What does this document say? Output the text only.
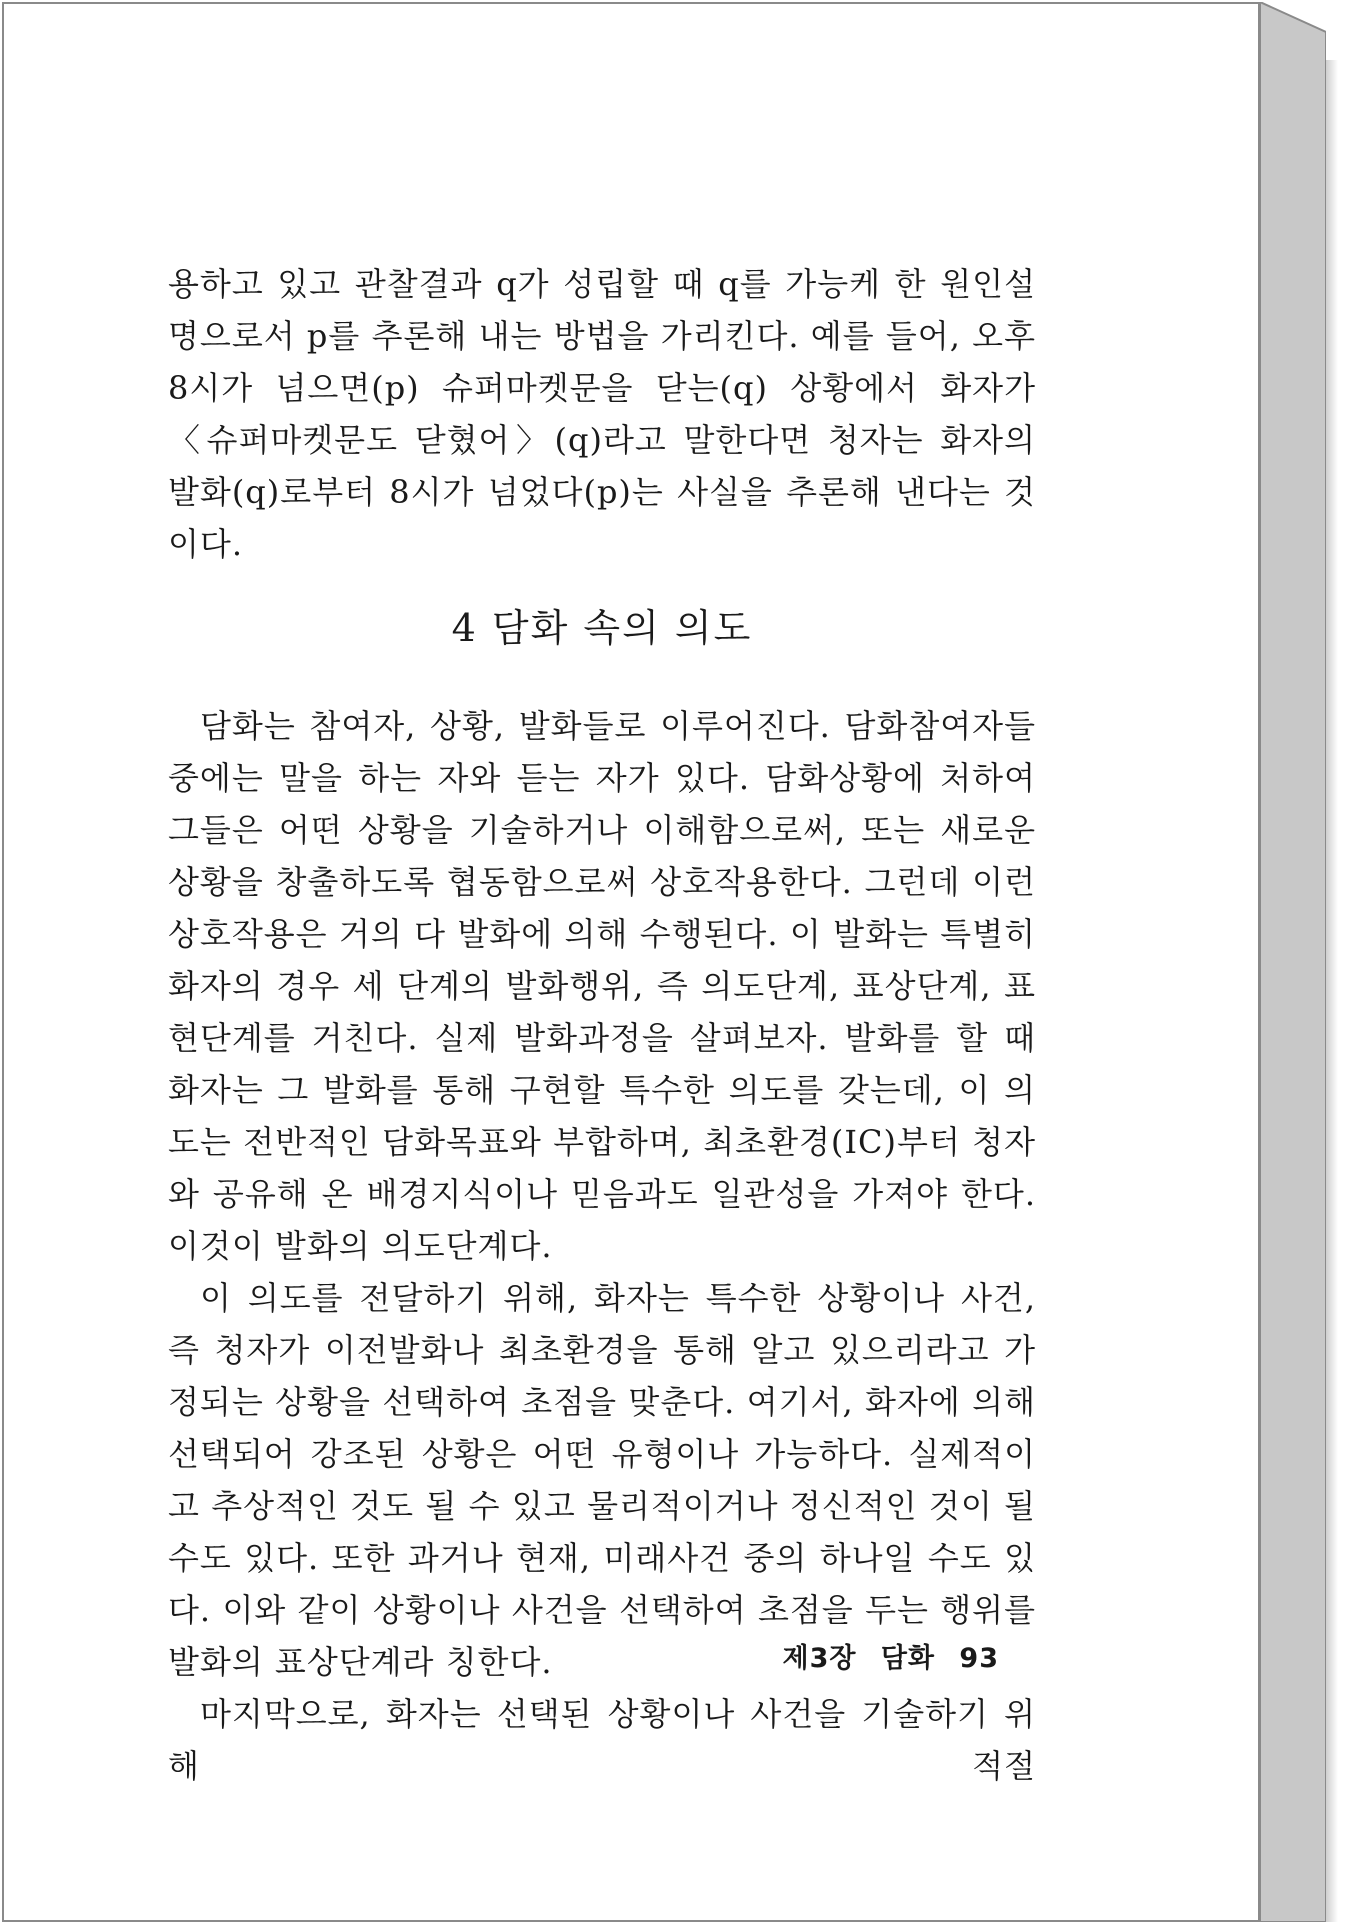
용하고 있고 관찰결과 q가 성립할 때 q를 가능케 한 원인설명으로서 p를 추론해 내는 방법을 가리킨다. 예를 들어, 오후 8시가 넘으면(p) 슈퍼마켓문을 닫는(q) 상황에서 화자가 〈슈퍼마켓문도 닫혔어〉(q)라고 말한다면 청자는 화자의 발화(q)로부터 8시가 넘었다(p)는 사실을 추론해 낸다는 것이다.

4 담화 속의 의도

담화는 참여자, 상황, 발화들로 이루어진다. 담화참여자들 중에는 말을 하는 자와 듣는 자가 있다. 담화상황에 처하여 그들은 어떤 상황을 기술하거나 이해함으로써, 또는 새로운 상황을 창출하도록 협동함으로써 상호작용한다. 그런데 이런 상호작용은 거의 다 발화에 의해 수행된다. 이 발화는 특별히 화자의 경우 세 단계의 발화행위, 즉 의도단계, 표상단계, 표현단계를 거친다. 실제 발화과정을 살펴보자. 발화를 할 때 화자는 그 발화를 통해 구현할 특수한 의도를 갖는데, 이 의도는 전반적인 담화목표와 부합하며, 최초환경(IC)부터 청자와 공유해 온 배경지식이나 믿음과도 일관성을 가져야 한다. 이것이 발화의 의도단계다.

이 의도를 전달하기 위해, 화자는 특수한 상황이나 사건, 즉 청자가 이전발화나 최초환경을 통해 알고 있으리라고 가정되는 상황을 선택하여 초점을 맞춘다. 여기서, 화자에 의해 선택되어 강조된 상황은 어떤 유형이나 가능하다. 실제적이고 추상적인 것도 될 수 있고 물리적이거나 정신적인 것이 될 수도 있다. 또한 과거나 현재, 미래사건 중의 하나일 수도 있다. 이와 같이 상황이나 사건을 선택하여 초점을 두는 행위를 발화의 표상단계라 칭한다.

마지막으로, 화자는 선택된 상황이나 사건을 기술하기 위해 적절

제3장 담화 93
